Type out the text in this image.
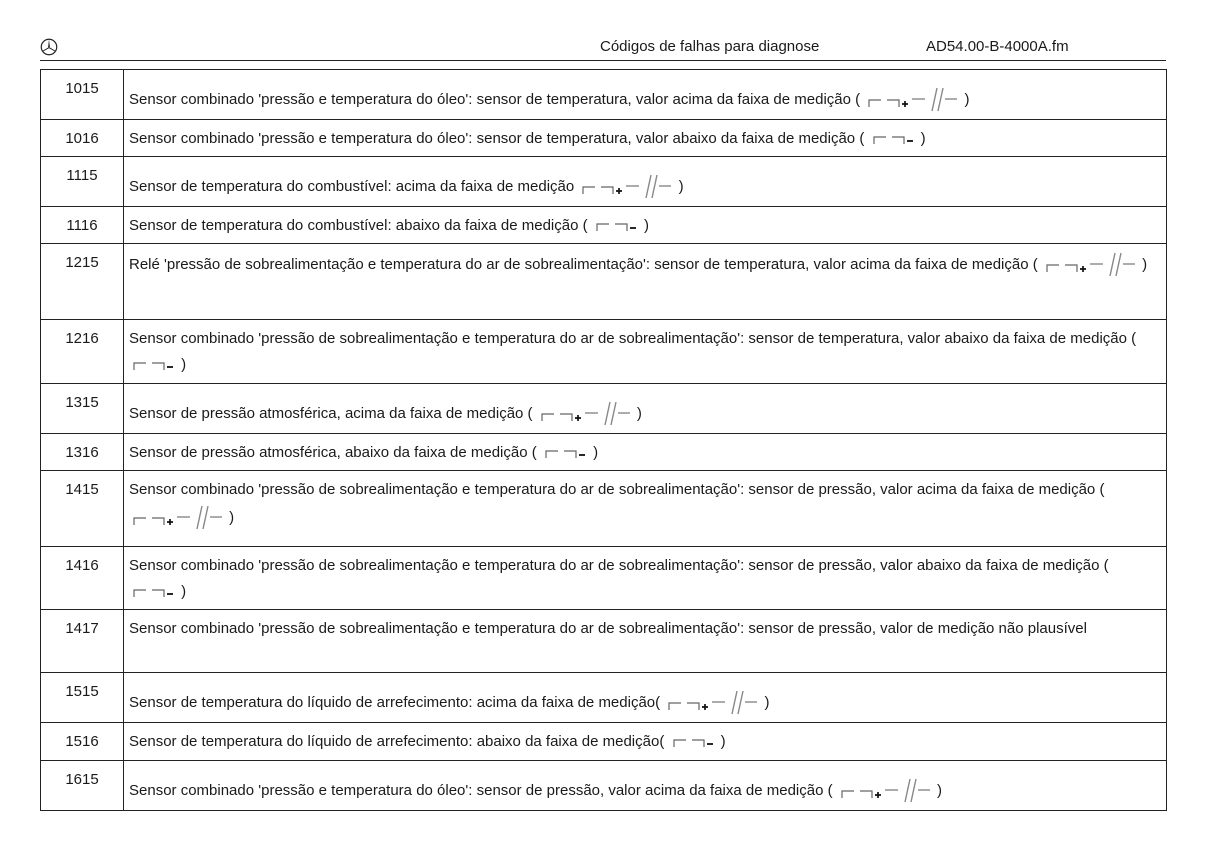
Códigos de falhas para diagnose	AD54.00-B-4000A.fm
1015	Sensor combinado 'pressão e temperatura do óleo': sensor de temperatura, valor acima da faixa de medição ( )
1016	Sensor combinado 'pressão e temperatura do óleo': sensor de temperatura, valor abaixo da faixa de medição ( )
1115	Sensor de temperatura do combustível: acima da faixa de medição )
1116	Sensor de temperatura do combustível: abaixo da faixa de medição ( )
1215	Relé 'pressão de sobrealimentação e temperatura do ar de sobrealimentação': sensor de temperatura, valor acima da faixa de medição ( )
1216	Sensor combinado 'pressão de sobrealimentação e temperatura do ar de sobrealimentação': sensor de temperatura, valor abaixo da faixa de medição (  )
1315	Sensor de pressão atmosférica, acima da faixa de medição ( )
1316	Sensor de pressão atmosférica, abaixo da faixa de medição ( )
1415	Sensor combinado 'pressão de sobrealimentação e temperatura do ar de sobrealimentação': sensor de pressão, valor acima da faixa de medição (  )
1416	Sensor combinado 'pressão de sobrealimentação e temperatura do ar de sobrealimentação': sensor de pressão, valor abaixo da faixa de medição (  )
1417	Sensor combinado 'pressão de sobrealimentação e temperatura do ar de sobrealimentação': sensor de pressão, valor de medição não plausível
1515	Sensor de temperatura do líquido de arrefecimento: acima da faixa de medição( )
1516	Sensor de temperatura do líquido de arrefecimento: abaixo da faixa de medição( )
1615	Sensor combinado 'pressão e temperatura do óleo': sensor de pressão, valor acima da faixa de medição ( )
